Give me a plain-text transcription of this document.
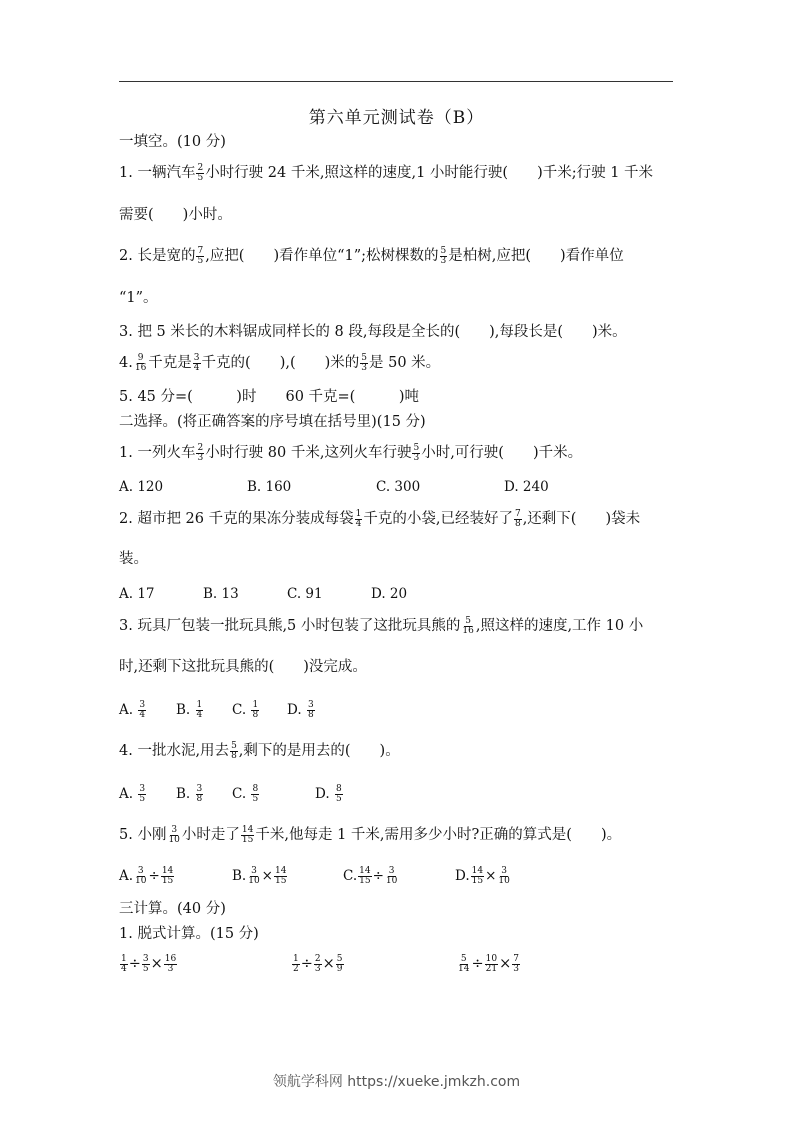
第六单元测试卷（B）
一填空。(10 分)
1. 一辆汽车 $\frac{2}{5}$ 小时行驶 24 千米,照这样的速度,1 小时能行驶(　　)千米;行驶 1 千米
需要(　　)小时。
2. 长是宽的 $\frac{7}{5}$ ,应把(　　)看作单位“1”;松树棵数的 $\frac{5}{3}$ 是柏树,应把(　　)看作单位
“1”。
3. 把 5 米长的木料锯成同样长的 8 段,每段是全长的(　　),每段长是(　　)米。
4. $\frac{9}{16}$ 千克是 $\frac{3}{4}$ 千克的(　　),(　　)米的 $\frac{5}{3}$ 是 50 米。
5. 45 分=(　　　)时　　60 千克=(　　　)吨
二选择。(将正确答案的序号填在括号里)(15 分)
1. 一列火车 $\frac{2}{3}$ 小时行驶 80 千米,这列火车行驶 $\frac{5}{3}$ 小时,可行驶(　　)千米。
A. 120	B. 160	C. 300	D. 240
2. 超市把 26 千克的果冻分装成每袋 $\frac{1}{4}$ 千克的小袋,已经装好了 $\frac{7}{8}$ ,还剩下(　　)袋未
装。
A. 17	B. 13	C. 91	D. 20
3. 玩具厂包装一批玩具熊,5 小时包装了这批玩具熊的 $\frac{5}{16}$ ,照这样的速度,工作 10 小
时,还剩下这批玩具熊的(　　)没完成。
A. $\frac{3}{4} B$. $\frac{1}{4} C$. $\frac{1}{8} D$. $\frac{3}{8}$
4. 一批水泥,用去 $\frac{5}{8}$ ,剩下的是用去的(　　)。
A. $\frac{3}{5} B$. $\frac{3}{8} C$. $\frac{8}{5}$	D. $\frac{8}{5}$
5. 小刚 $\frac{3}{10}$ 小时走了 $\frac{14}{15}$ 千米,他每走 1 千米,需用多少小时?正确的算式是(　　)。
A. $\frac{3}{10} \div \frac{14}{15}$	B. $\frac{3}{10} \times \frac{14}{15}$	C. $\frac{14}{15} \div \frac{3}{10}$	D. $\frac{14}{15} \times \frac{3}{10}$
三计算。(40 分)
1. 脱式计算。(15 分)
$\frac{1}{4} \div \frac{3}{5} \times \frac{16}{3}$	$\frac{1}{2} \div \frac{2}{3} \times \frac{5}{9}$	$\frac{5}{14} \div \frac{10}{21} \times \frac{7}{3}$
领航学科网 https://xueke.jmkzh.com
